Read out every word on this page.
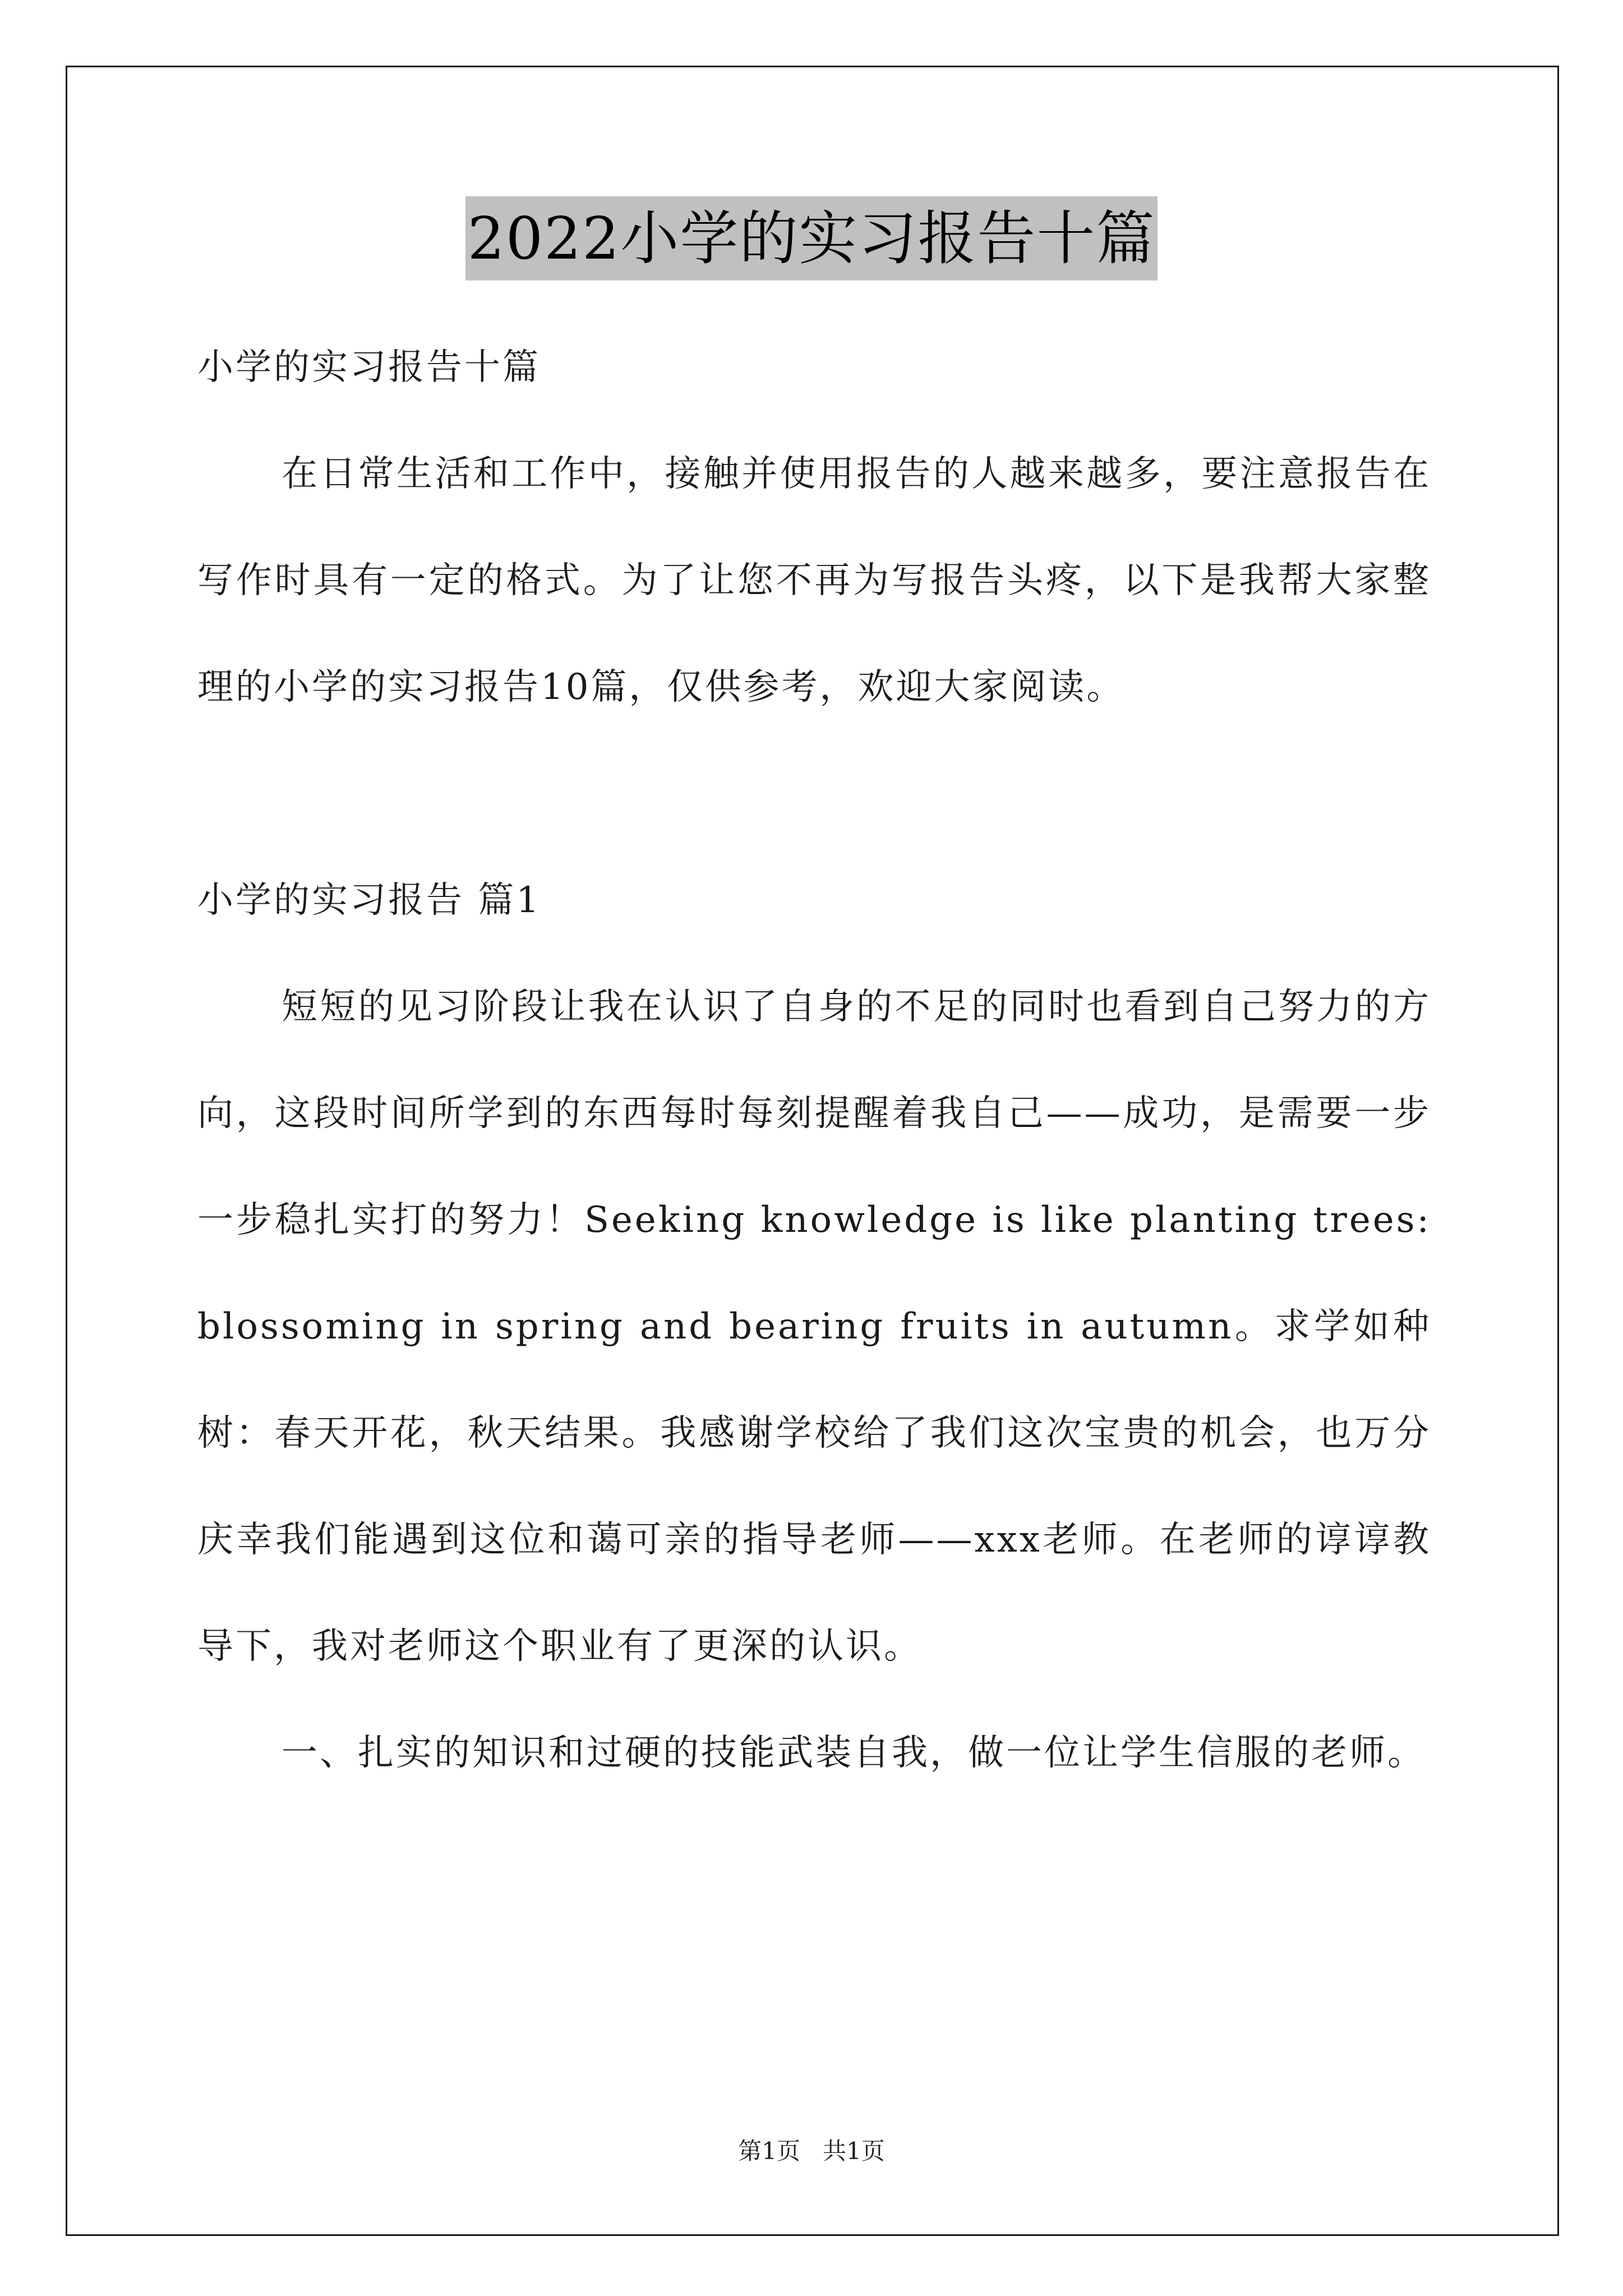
2022小学的实习报告十篇

小学的实习报告十篇

在日常生活和工作中，接触并使用报告的人越来越多，要注意报告在写作时具有一定的格式。为了让您不再为写报告头疼，以下是我帮大家整理的小学的实习报告10篇，仅供参考，欢迎大家阅读。

小学的实习报告 篇1

短短的见习阶段让我在认识了自身的不足的同时也看到自己努力的方向，这段时间所学到的东西每时每刻提醒着我自己——成功，是需要一步一步稳扎实打的努力！Seeking knowledge is like planting trees:blossoming in spring and bearing fruits in autumn。求学如种树：春天开花，秋天结果。我感谢学校给了我们这次宝贵的机会，也万分庆幸我们能遇到这位和蔼可亲的指导老师——xxx老师。在老师的谆谆教导下，我对老师这个职业有了更深的认识。

一、扎实的知识和过硬的技能武装自我，做一位让学生信服的老师。

第1页 共1页
